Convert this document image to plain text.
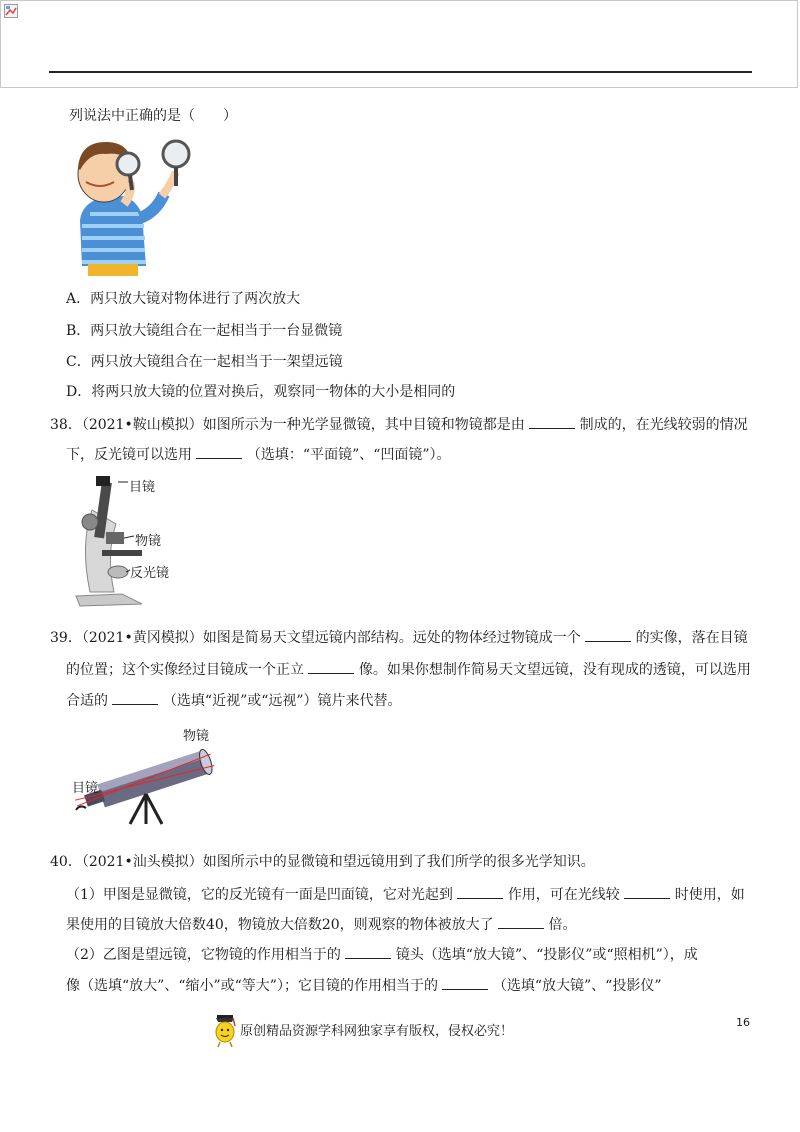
列说法中正确的是（　　）
A．两只放大镜对物体进行了两次放大
B．两只放大镜组合在一起相当于一台显微镜
C．两只放大镜组合在一起相当于一架望远镜
D．将两只放大镜的位置对换后，观察同一物体的大小是相同的
38．（2021•鞍山模拟）如图所示为一种光学显微镜，其中目镜和物镜都是由	制成的，在光线较弱的情况
下，反光镜可以选用	（选填：“平面镜”、“凹面镜”）。
目镜
物镜
反光镜
39．（2021•黄冈模拟）如图是简易天文望远镜内部结构。远处的物体经过物镜成一个	的实像，落在目镜
的位置；这个实像经过目镜成一个正立	像。如果你想制作简易天文望远镜，没有现成的透镜，可以选用
合适的	（选填“近视”或“远视”）镜片来代替。
物镜
目镜
40．（2021•汕头模拟）如图所示中的显微镜和望远镜用到了我们所学的很多光学知识。
（1）甲图是显微镜，它的反光镜有一面是凹面镜，它对光起到	作用，可在光线较	时使用，如
果使用的目镜放大倍数40，物镜放大倍数20，则观察的物体被放大了	倍。
（2）乙图是望远镜，它物镜的作用相当于的	镜头（选填“放大镜”、“投影仪”或“照相机”），成
像（选填“放大”、“缩小”或“等大”）；它目镜的作用相当于的	（选填“放大镜”、“投影仪”
16
原创精品资源学科网独家享有版权，侵权必究！
